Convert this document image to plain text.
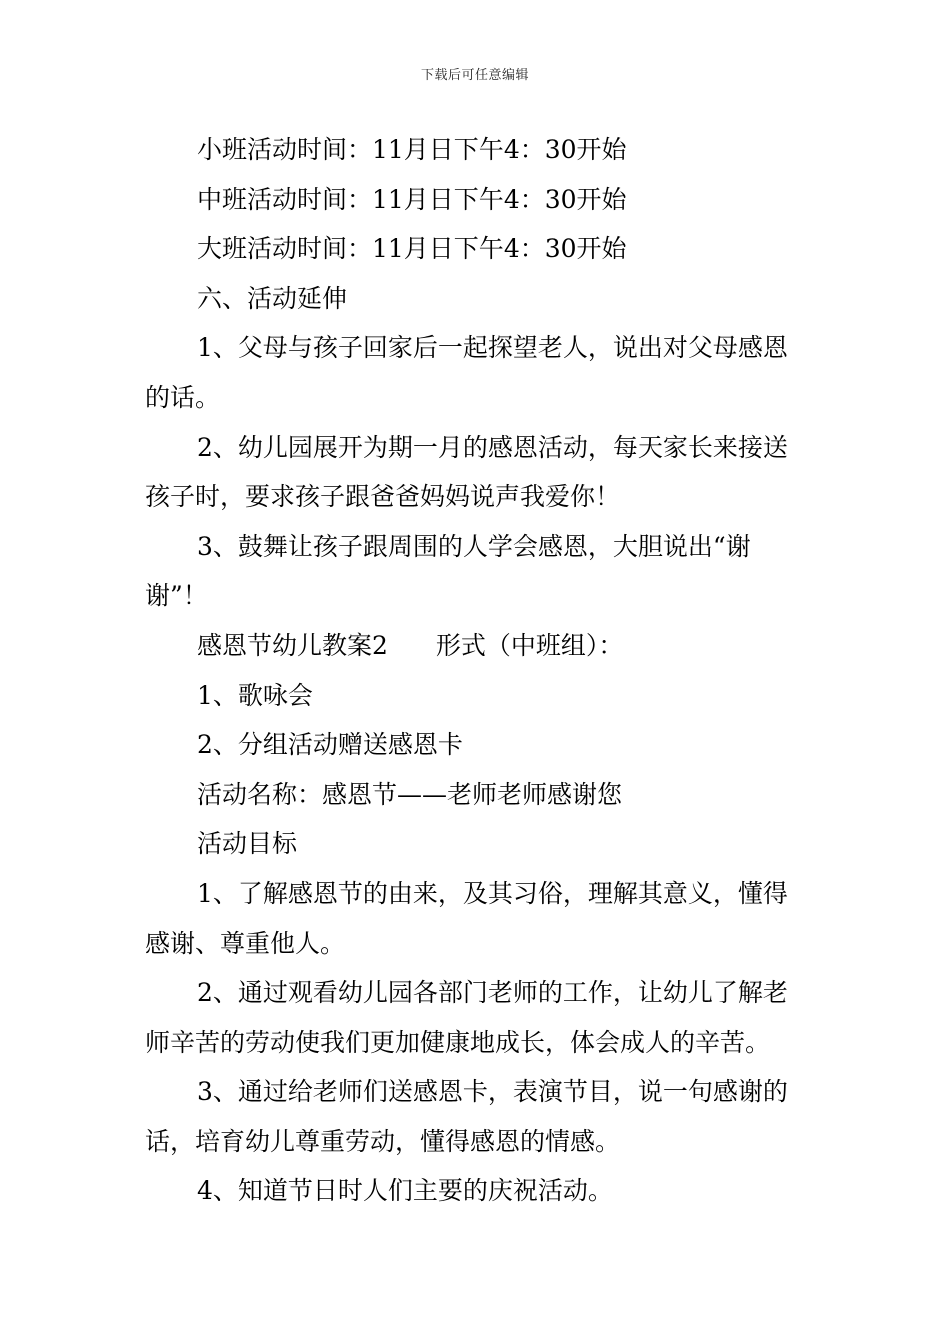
下载后可任意编辑
小班活动时间：11月日下午4：30开始
中班活动时间：11月日下午4：30开始
大班活动时间：11月日下午4：30开始
六、活动延伸
1、父母与孩子回家后一起探望老人，说出对父母感恩
的话。
2、幼儿园展开为期一月的感恩活动，每天家长来接送
孩子时，要求孩子跟爸爸妈妈说声我爱你！
3、鼓舞让孩子跟周围的人学会感恩，大胆说出“谢
谢”！
感恩节幼儿教案2 形式（中班组）：
1、歌咏会
2、分组活动赠送感恩卡
活动名称：感恩节——老师老师感谢您
活动目标
1、了解感恩节的由来，及其习俗，理解其意义，懂得
感谢、尊重他人。
2、通过观看幼儿园各部门老师的工作，让幼儿了解老
师辛苦的劳动使我们更加健康地成长，体会成人的辛苦。
3、通过给老师们送感恩卡，表演节目，说一句感谢的
话，培育幼儿尊重劳动，懂得感恩的情感。
4、知道节日时人们主要的庆祝活动。
